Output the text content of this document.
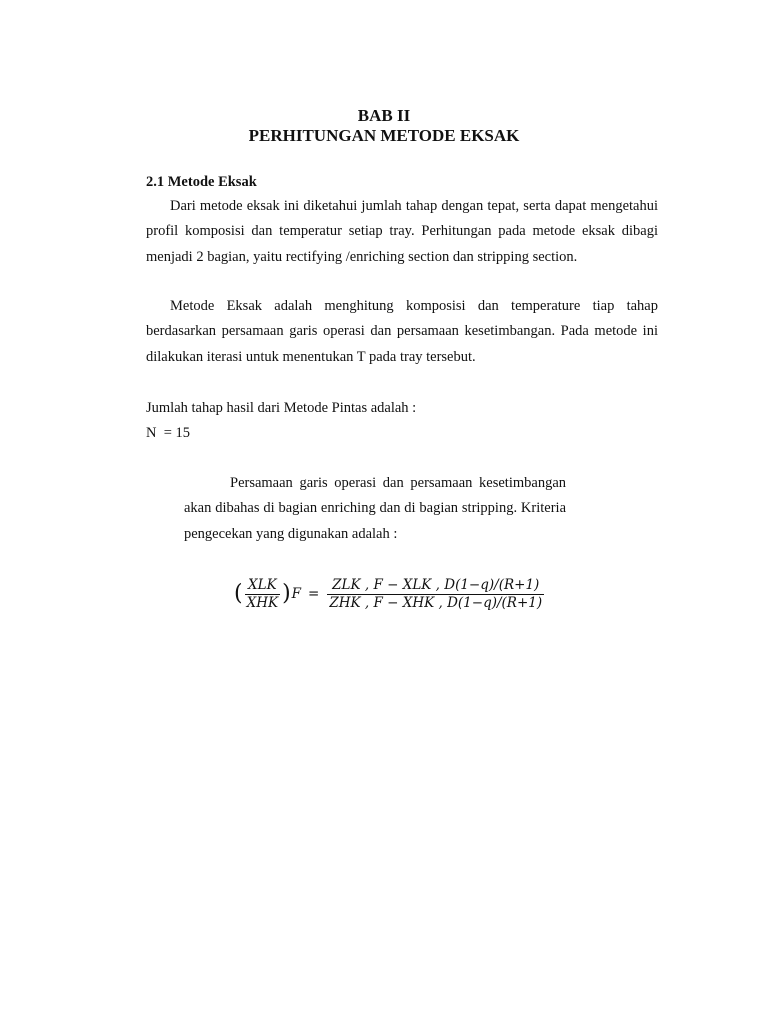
BAB II
PERHITUNGAN METODE EKSAK
2.1 Metode Eksak

Dari metode eksak ini diketahui jumlah tahap dengan tepat, serta dapat mengetahui profil komposisi dan temperatur setiap tray. Perhitungan pada metode eksak dibagi menjadi 2 bagian, yaitu rectifying /enriching section dan stripping section.

Metode Eksak adalah menghitung komposisi dan temperature tiap tahap berdasarkan persamaan garis operasi dan persamaan kesetimbangan. Pada metode ini dilakukan iterasi untuk menentukan T pada tray tersebut.

Jumlah tahap hasil dari Metode Pintas adalah :
N  = 15

Persamaan garis operasi dan persamaan kesetimbangan akan dibahas di bagian enriching dan di bagian stripping. Kriteria pengecekan yang digunakan adalah :

( $\frac{\text{XLK}}{\text{XHK}}$ ) $F = \frac{\text{ZLK , F − XLK , D(1−q)/(R+1)}}{\text{ZHK , F − XHK , D(1−q)/(R+1)}}$
